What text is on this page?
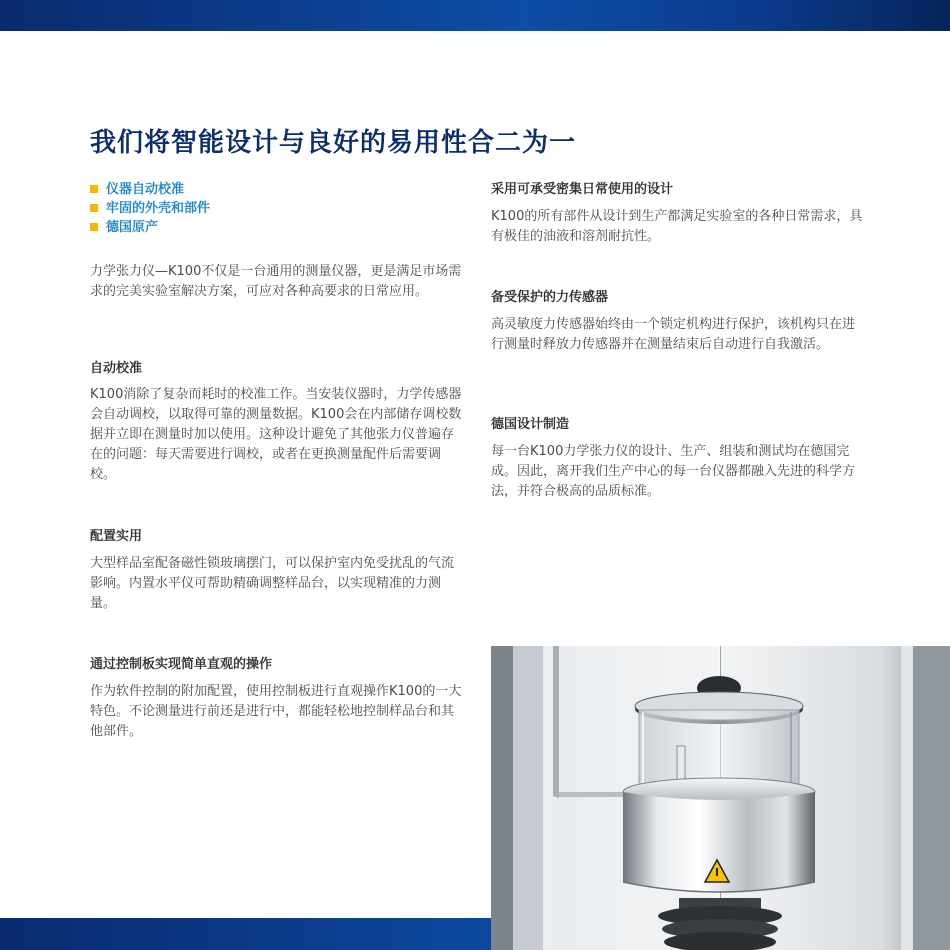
我们将智能设计与良好的易用性合二为一
仪器自动校准
牢固的外壳和部件
德国原产

力学张力仪—K100不仅是一台通用的测量仪器，更是满足市场需求的完美实验室解决方案，可应对各种高要求的日常应用。

自动校准

K100消除了复杂而耗时的校准工作。当安装仪器时，力学传感器会自动调校，以取得可靠的测量数据。K100会在内部储存调校数据并立即在测量时加以使用。这种设计避免了其他张力仪普遍存在的问题：每天需要进行调校，或者在更换测量配件后需要调校。

配置实用

大型样品室配备磁性锁玻璃摆门，可以保护室内免受扰乱的气流影响。内置水平仪可帮助精确调整样品台，以实现精准的力测量。

通过控制板实现简单直观的操作

作为软件控制的附加配置，使用控制板进行直观操作K100的一大特色。不论测量进行前还是进行中，都能轻松地控制样品台和其他部件。

采用可承受密集日常使用的设计

K100的所有部件从设计到生产都满足实验室的各种日常需求，具有极佳的油液和溶剂耐抗性。

备受保护的力传感器

高灵敏度力传感器始终由一个锁定机构进行保护，该机构只在进行测量时释放力传感器并在测量结束后自动进行自我激活。

德国设计制造

每一台K100力学张力仪的设计、生产、组装和测试均在德国完成。因此，离开我们生产中心的每一台仪器都融入先进的科学方法，并符合极高的品质标准。
